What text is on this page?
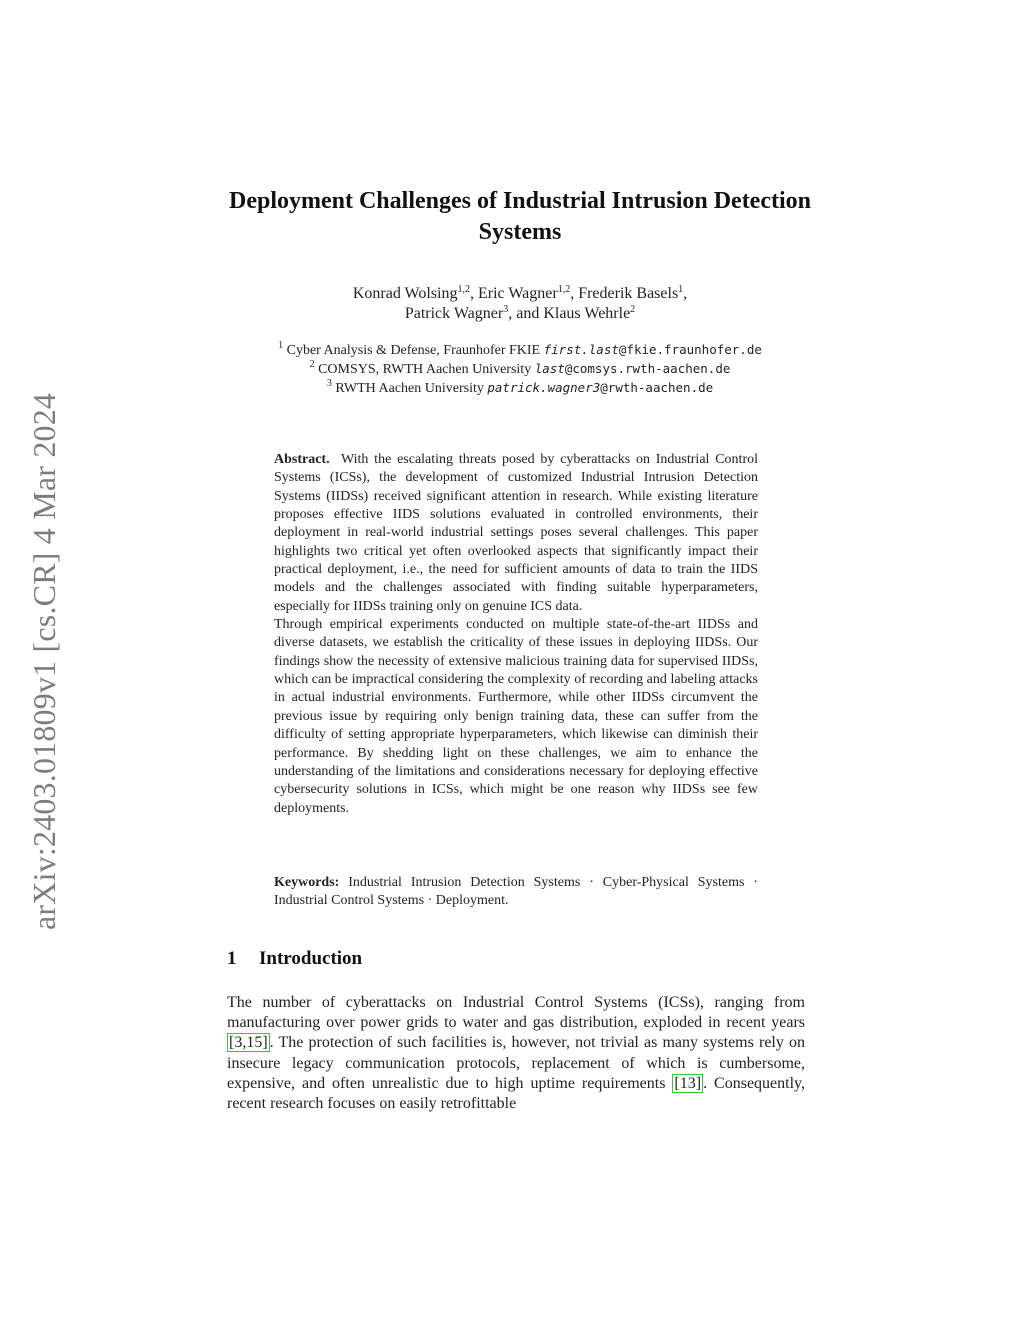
arXiv:2403.01809v1 [cs.CR] 4 Mar 2024
Deployment Challenges of Industrial Intrusion Detection Systems
Konrad Wolsing$^{1,2}$, Eric Wagner$^{1,2}$, Frederik Basels$^1$,
Patrick Wagner$^3$, and Klaus Wehrle$^2$
$^1$ Cyber Analysis & Defense, Fraunhofer FKIE first.last@fkie.fraunhofer.de
$^2$ COMSYS, RWTH Aachen University last@comsys.rwth-aachen.de
$^3$ RWTH Aachen University patrick.wagner3@rwth-aachen.de

Abstract. With the escalating threats posed by cyberattacks on Industrial Control Systems (ICSs), the development of customized Industrial Intrusion Detection Systems (IIDSs) received significant attention in research. While existing literature proposes effective IIDS solutions evaluated in controlled environments, their deployment in real-world industrial settings poses several challenges. This paper highlights two critical yet often overlooked aspects that significantly impact their practical deployment, i.e., the need for sufficient amounts of data to train the IIDS models and the challenges associated with finding suitable hyperparameters, especially for IIDSs training only on genuine ICS data.

Through empirical experiments conducted on multiple state-of-the-art IIDSs and diverse datasets, we establish the criticality of these issues in deploying IIDSs. Our findings show the necessity of extensive malicious training data for supervised IIDSs, which can be impractical considering the complexity of recording and labeling attacks in actual industrial environments. Furthermore, while other IIDSs circumvent the previous issue by requiring only benign training data, these can suffer from the difficulty of setting appropriate hyperparameters, which likewise can diminish their performance. By shedding light on these challenges, we aim to enhance the understanding of the limitations and considerations necessary for deploying effective cybersecurity solutions in ICSs, which might be one reason why IIDSs see few deployments.

Keywords: Industrial Intrusion Detection Systems · Cyber-Physical Systems · Industrial Control Systems · Deployment.
1 Introduction

The number of cyberattacks on Industrial Control Systems (ICSs), ranging from manufacturing over power grids to water and gas distribution, exploded in recent years [3,15] . The protection of such facilities is, however, not trivial as many systems rely on insecure legacy communication protocols, replacement of which is cumbersome, expensive, and often unrealistic due to high uptime requirements [13] . Consequently, recent research focuses on easily retrofittable
